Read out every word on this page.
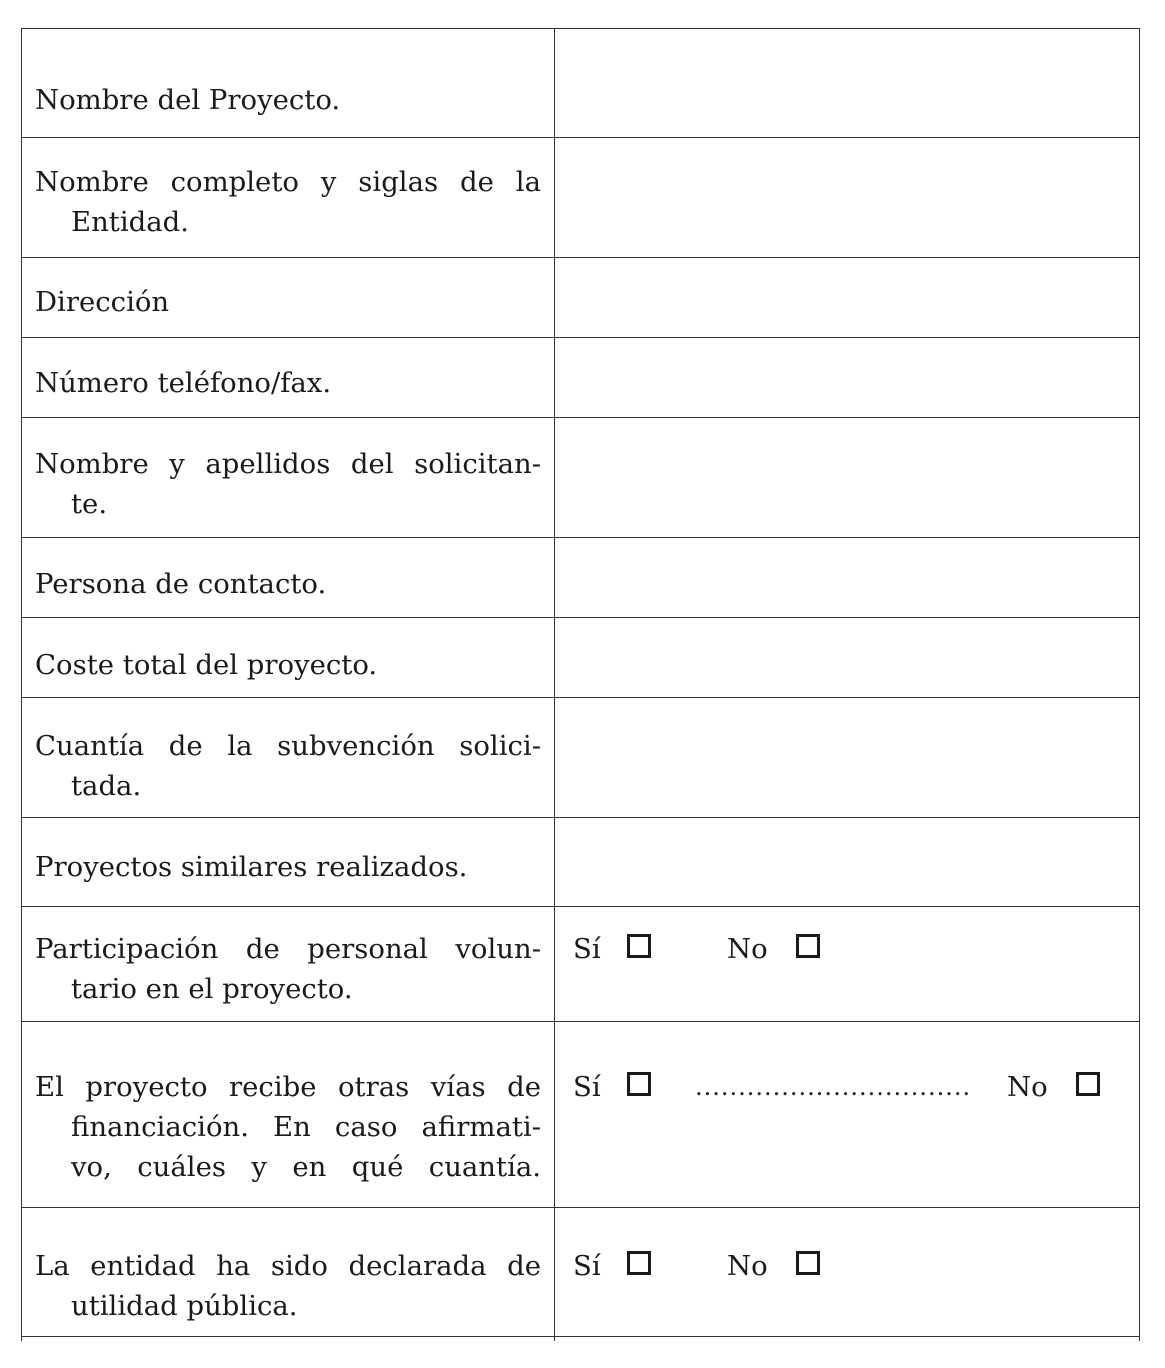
Nombre del Proyecto.
Nombre completo y siglas de la
Entidad.
Dirección
Número teléfono/fax.
Nombre y apellidos del solicitan-
te.
Persona de contacto.
Coste total del proyecto.
Cuantía de la subvención solici-
tada.
Proyectos similares realizados.
Participación de personal volun-
tario en el proyecto.
Sí	No
El proyecto recibe otras vías de
financiación. En caso afirmati-
vo, cuáles y en qué cuantía.
Sí	................................ No
La entidad ha sido declarada de
utilidad pública.
Sí	No
